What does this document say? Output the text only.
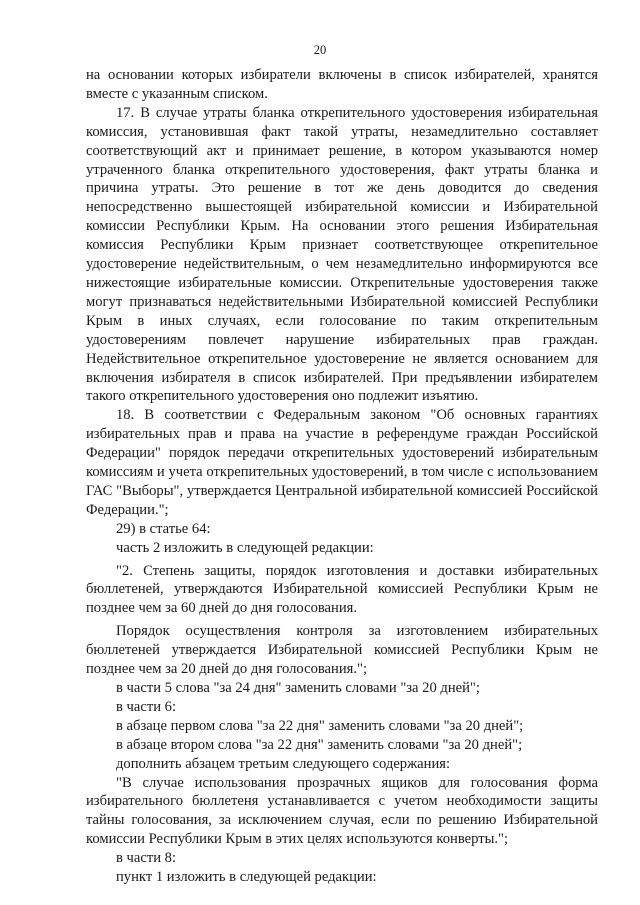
20

на основании которых избиратели включены в список избирателей, хранятся вместе с указанным списком.

17. В случае утраты бланка открепительного удостоверения избирательная комиссия, установившая факт такой утраты, незамедлительно составляет соответствующий акт и принимает решение, в котором указываются номер утраченного бланка открепительного удостоверения, факт утраты бланка и причина утраты. Это решение в тот же день доводится до сведения непосредственно вышестоящей избирательной комиссии и Избирательной комиссии Республики Крым. На основании этого решения Избирательная комиссия Республики Крым признает соответствующее открепительное удостоверение недействительным, о чем незамедлительно информируются все нижестоящие избирательные комиссии. Открепительные удостоверения также могут признаваться недействительными Избирательной комиссией Республики Крым в иных случаях, если голосование по таким открепительным удостоверениям повлечет нарушение избирательных прав граждан. Недействительное открепительное удостоверение не является основанием для включения избирателя в список избирателей. При предъявлении избирателем такого открепительного удостоверения оно подлежит изъятию.

18. В соответствии с Федеральным законом "Об основных гарантиях избирательных прав и права на участие в референдуме граждан Российской Федерации" порядок передачи открепительных удостоверений избирательным комиссиям и учета открепительных удостоверений, в том числе с использованием ГАС "Выборы", утверждается Центральной избирательной комиссией Российской Федерации.";

29) в статье 64:

часть 2 изложить в следующей редакции:

"2. Степень защиты, порядок изготовления и доставки избирательных бюллетеней, утверждаются Избирательной комиссией Республики Крым не позднее чем за 60 дней до дня голосования.

Порядок осуществления контроля за изготовлением избирательных бюллетеней утверждается Избирательной комиссией Республики Крым не позднее чем за 20 дней до дня голосования.";

в части 5 слова "за 24 дня" заменить словами "за 20 дней";

в части 6:

в абзаце первом слова "за 22 дня" заменить словами "за 20 дней";

в абзаце втором слова "за 22 дня" заменить словами "за 20 дней";

дополнить абзацем третьим следующего содержания:

"В случае использования прозрачных ящиков для голосования форма избирательного бюллетеня устанавливается с учетом необходимости защиты тайны голосования, за исключением случая, если по решению Избирательной комиссии Республики Крым в этих целях используются конверты.";

в части 8:

пункт 1 изложить в следующей редакции:
